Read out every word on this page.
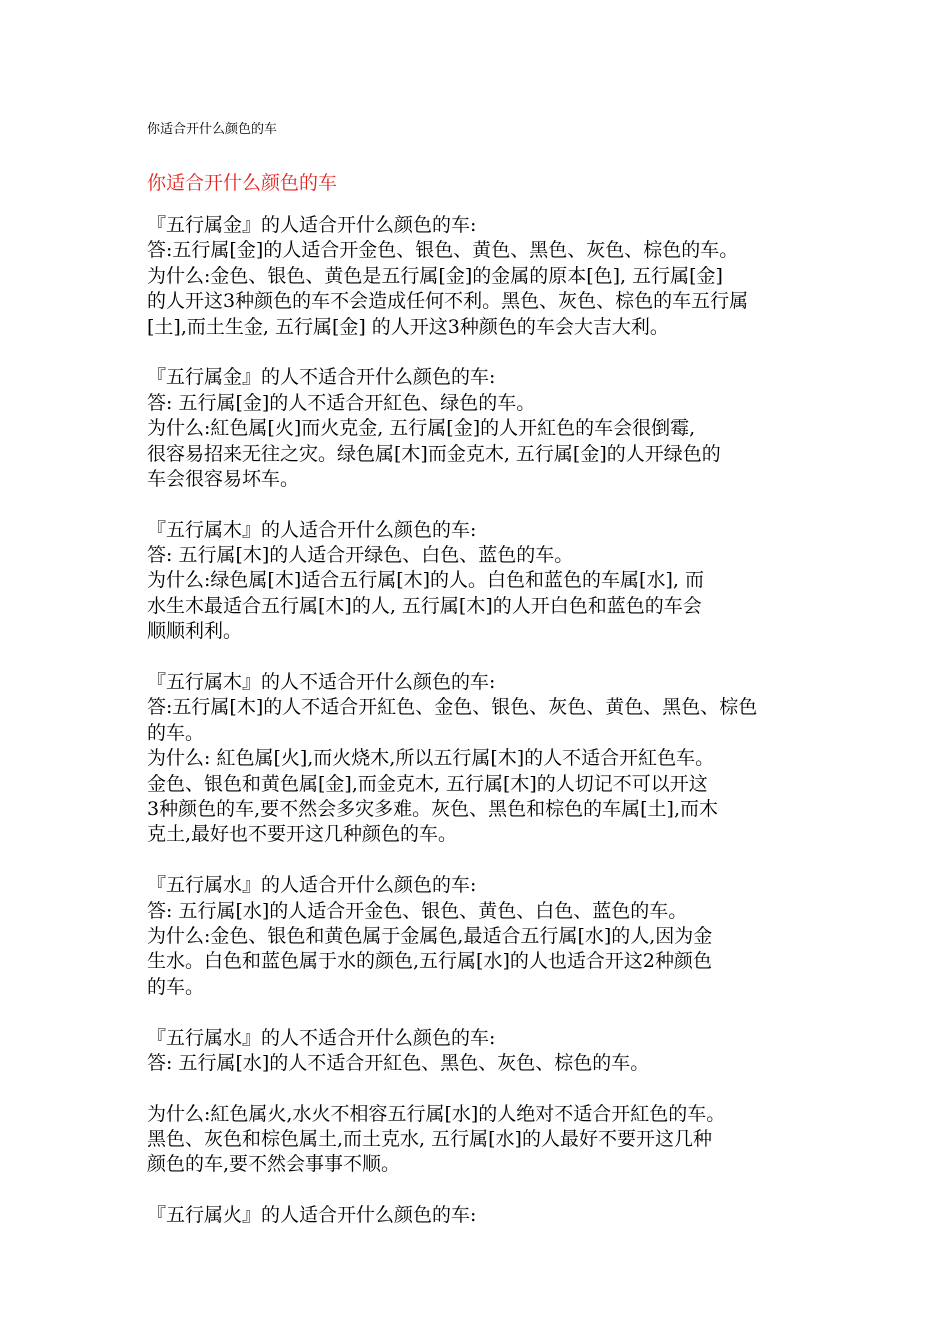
你适合开什么颜色的车
你适合开什么颜色的车
『五行属金』的人适合开什么颜色的车:
答:五行属[金]的人适合开金色、银色、黄色、黑色、灰色、棕色的车。
为什么:金色、银色、黄色是五行属[金]的金属的原本[色], 五行属[金]
的人开这3种颜色的车不会造成任何不利。黑色、灰色、棕色的车五行属
[土],而土生金, 五行属[金] 的人开这3种颜色的车会大吉大利。
『五行属金』的人不适合开什么颜色的车:
答: 五行属[金]的人不适合开紅色、绿色的车。
为什么:紅色属[火]而火克金, 五行属[金]的人开紅色的车会很倒霉,
很容易招来无往之灾。绿色属[木]而金克木, 五行属[金]的人开绿色的
车会很容易坏车。
『五行属木』的人适合开什么颜色的车:
答: 五行属[木]的人适合开绿色、白色、蓝色的车。
为什么:绿色属[木]适合五行属[木]的人。白色和蓝色的车属[水], 而
水生木最适合五行属[木]的人, 五行属[木]的人开白色和蓝色的车会
顺顺利利。
『五行属木』的人不适合开什么颜色的车:
答:五行属[木]的人不适合开紅色、金色、银色、灰色、黄色、黑色、棕色
的车。
为什么: 紅色属[火],而火烧木,所以五行属[木]的人不适合开紅色车。
金色、银色和黄色属[金],而金克木, 五行属[木]的人切记不可以开这
3种颜色的车,要不然会多灾多难。灰色、黑色和棕色的车属[土],而木
克土,最好也不要开这几种颜色的车。
『五行属水』的人适合开什么颜色的车:
答: 五行属[水]的人适合开金色、银色、黄色、白色、蓝色的车。
为什么:金色、银色和黄色属于金属色,最适合五行属[水]的人,因为金
生水。白色和蓝色属于水的颜色,五行属[水]的人也适合开这2种颜色
的车。
『五行属水』的人不适合开什么颜色的车:
答: 五行属[水]的人不适合开紅色、黑色、灰色、棕色的车。
为什么:紅色属火,水火不相容五行属[水]的人绝对不适合开紅色的车。
黑色、灰色和棕色属土,而土克水, 五行属[水]的人最好不要开这几种
颜色的车,要不然会事事不顺。
『五行属火』的人适合开什么颜色的车:
